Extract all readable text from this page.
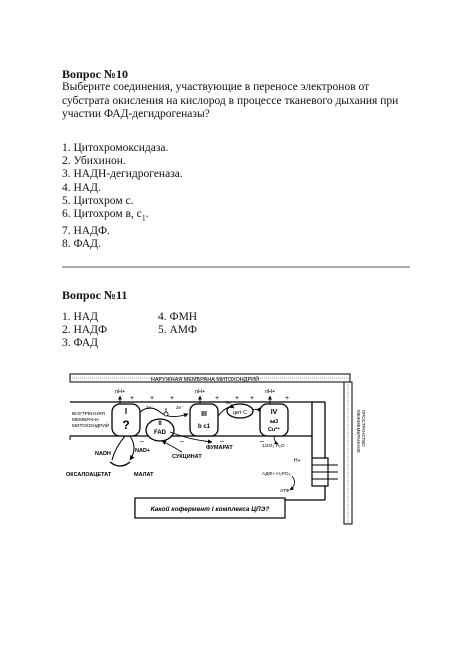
Вопрос №10
Выберите соединения, участвующие в переносе электронов от субстрата окисления на кислород в процессе тканевого дыхания при участии ФАД-дегидрогеназы?
1. Цитохромоксидаза.
2. Убихинон.
3. НАДН-дегидрогеназа.
4. НАД.
5. Цитохром с.
6. Цитохром в, $с_1$.
7. НАДФ.
8. ФАД.
Вопрос №11
1. НАД
2. НАДФ
3. ФАД
4. ФМН
5. АМФ
НАРУЖНАЯ МЕМБРАНА МИТОХОНДРИЙ
МЕЖМЕМБРАННОЕ ПРОСТРАНСТВО
ВНУТРЕННЯЯ
МЕМБРАНА
МИТОХОНДРИЙ
nH+	nH+	nH+
+ + +	+ + +	+
–	–	–	–
I
?	II
FAD
III
b c1
цит С	IV
aa3
Cu²⁺
2e⁻	2e⁻
2e⁻
NADH	NAD+
СУКЦИНАТ
ФУМАРАТ
ОКСАЛОАЦЕТАТ	МАЛАТ
1/2O₂ H₂O
H+
АДФ+ H₃PO₄
АТФ
Какой кофермент I комплекса ЦПЭ?
